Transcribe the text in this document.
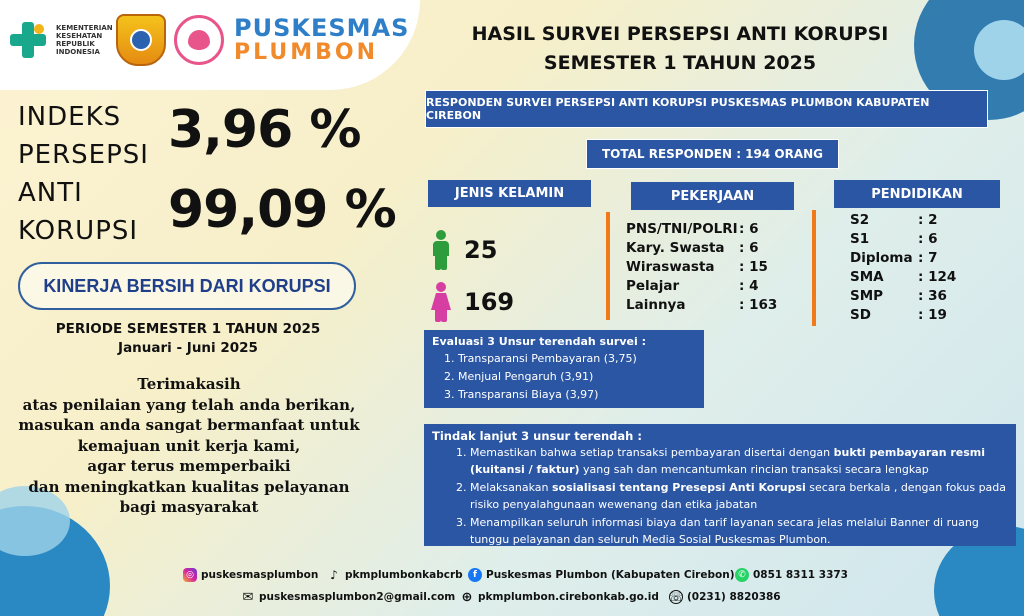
KEMENTERIAN KESEHATAN REPUBLIK INDONESIA
PUSKESMAS
PLUMBON
HASIL SURVEI PERSEPSI ANTI KORUPSI
SEMESTER 1 TAHUN 2025
INDEKS
PERSEPSI
ANTI
KORUPSI
3,96 %
99,09 %
KINERJA BERSIH DARI KORUPSI
PERIODE SEMESTER 1 TAHUN 2025
Januari - Juni 2025
Terimakasih
atas penilaian yang telah anda berikan,
masukan anda sangat bermanfaat untuk
kemajuan unit kerja kami,
agar terus memperbaiki
dan meningkatkan kualitas pelayanan
bagi masyarakat
RESPONDEN SURVEI PERSEPSI ANTI KORUPSI PUSKESMAS PLUMBON KABUPATEN CIREBON
TOTAL RESPONDEN : 194 ORANG
JENIS KELAMIN	PEKERJAAN	PENDIDIKAN
25
169
PNS/TNI/POLRI : 6
Kary. Swasta	: 6
Wiraswasta	: 15
Pelajar	: 4
Lainnya	: 163
S2	: 2
S1	: 6
Diploma : 7
SMA	: 124
SMP	: 36
SD	: 19
Evaluasi 3 Unsur terendah survei :
1. Transparansi Pembayaran (3,75)
2. Menjual Pengaruh (3,91)
3. Transparansi Biaya (3,97)
Tindak lanjut 3 unsur terendah :
1. Memastikan bahwa setiap transaksi pembayaran disertai dengan bukti pembayaran resmi (kuitansi / faktur) yang sah dan mencantumkan rincian transaksi secara lengkap
2. Melaksanakan sosialisasi tentang Presepsi Anti Korupsi secara berkala , dengan fokus pada risiko penyalahgunaan wewenang dan etika jabatan
3. Menampilkan seluruh informasi biaya dan tarif layanan secara jelas melalui Banner di ruang tunggu pelayanan dan seluruh Media Sosial Puskesmas Plumbon.
◎ puskesmasplumbon ♪ pkmplumbonkabcrb	f Puskesmas Plumbon (Kabupaten Cirebon) ✆ 0851 8311 3373
✉ puskesmasplumbon2@gmail.com ⊕ pkmplumbon.cirebonkab.go.id ☏ (0231) 8820386
